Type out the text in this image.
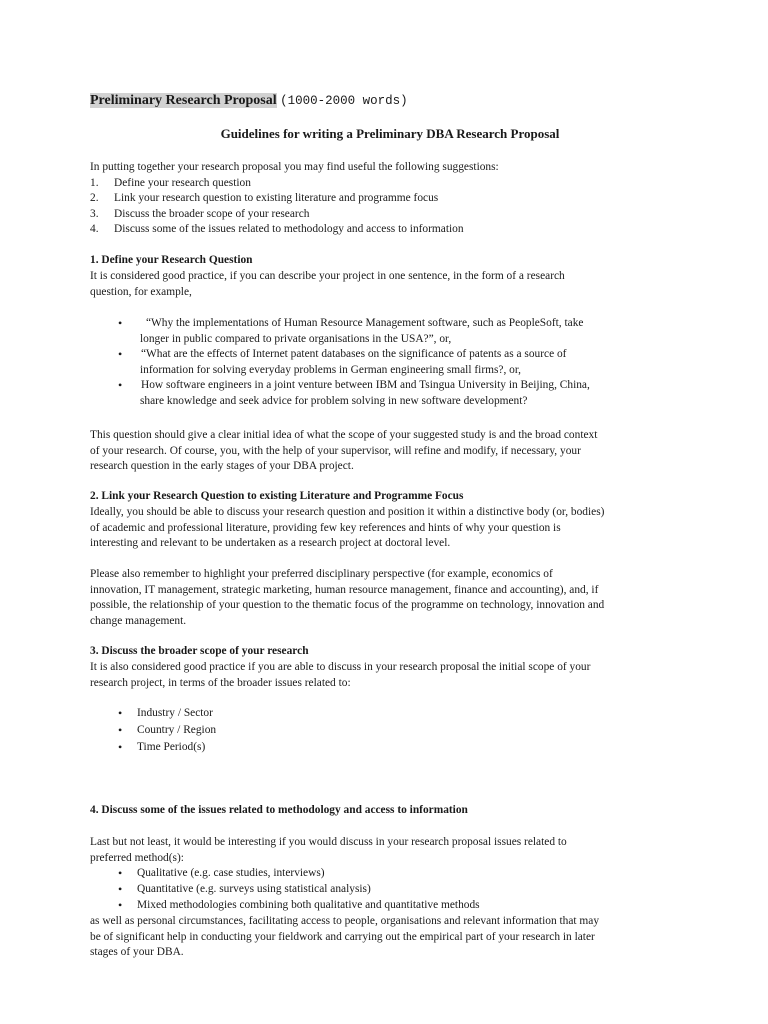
Preliminary Research Proposal (1000-2000 words)
Guidelines for writing a Preliminary DBA Research Proposal

In putting together your research proposal you may find useful the following suggestions:

1. Define your research question
2. Link your research question to existing literature and programme focus
3. Discuss the broader scope of your research
4. Discuss some of the issues related to methodology and access to information
1. Define your Research Question

It is considered good practice, if you can describe your project in one sentence, in the form of a research

question, for example,

•	“Why the implementations of Human Resource Management software, such as PeopleSoft, take

longer in public compared to private organisations in the USA?”, or,

•	“What are the effects of Internet patent databases on the significance of patents as a source of

information for solving everyday problems in German engineering small firms?, or,

•	How software engineers in a joint venture between IBM and Tsingua University in Beijing, China,

share knowledge and seek advice for problem solving in new software development?

This question should give a clear initial idea of what the scope of your suggested study is and the broad context

of your research. Of course, you, with the help of your supervisor, will refine and modify, if necessary, your

research question in the early stages of your DBA project.

2. Link your Research Question to existing Literature and Programme Focus

Ideally, you should be able to discuss your research question and position it within a distinctive body (or, bodies)

of academic and professional literature, providing few key references and hints of why your question is

interesting and relevant to be undertaken as a research project at doctoral level.

Please also remember to highlight your preferred disciplinary perspective (for example, economics of

innovation, IT management, strategic marketing, human resource management, finance and accounting), and, if

possible, the relationship of your question to the thematic focus of the programme on technology, innovation and

change management.

3. Discuss the broader scope of your research

It is also considered good practice if you are able to discuss in your research proposal the initial scope of your

research project, in terms of the broader issues related to:

•	Industry / Sector

•	Country / Region

•	Time Period(s)

4. Discuss some of the issues related to methodology and access to information

Last but not least, it would be interesting if you would discuss in your research proposal issues related to

preferred method(s):

•	Qualitative (e.g. case studies, interviews)

•	Quantitative (e.g. surveys using statistical analysis)

•	Mixed methodologies combining both qualitative and quantitative methods

as well as personal circumstances, facilitating access to people, organisations and relevant information that may

be of significant help in conducting your fieldwork and carrying out the empirical part of your research in later

stages of your DBA.
